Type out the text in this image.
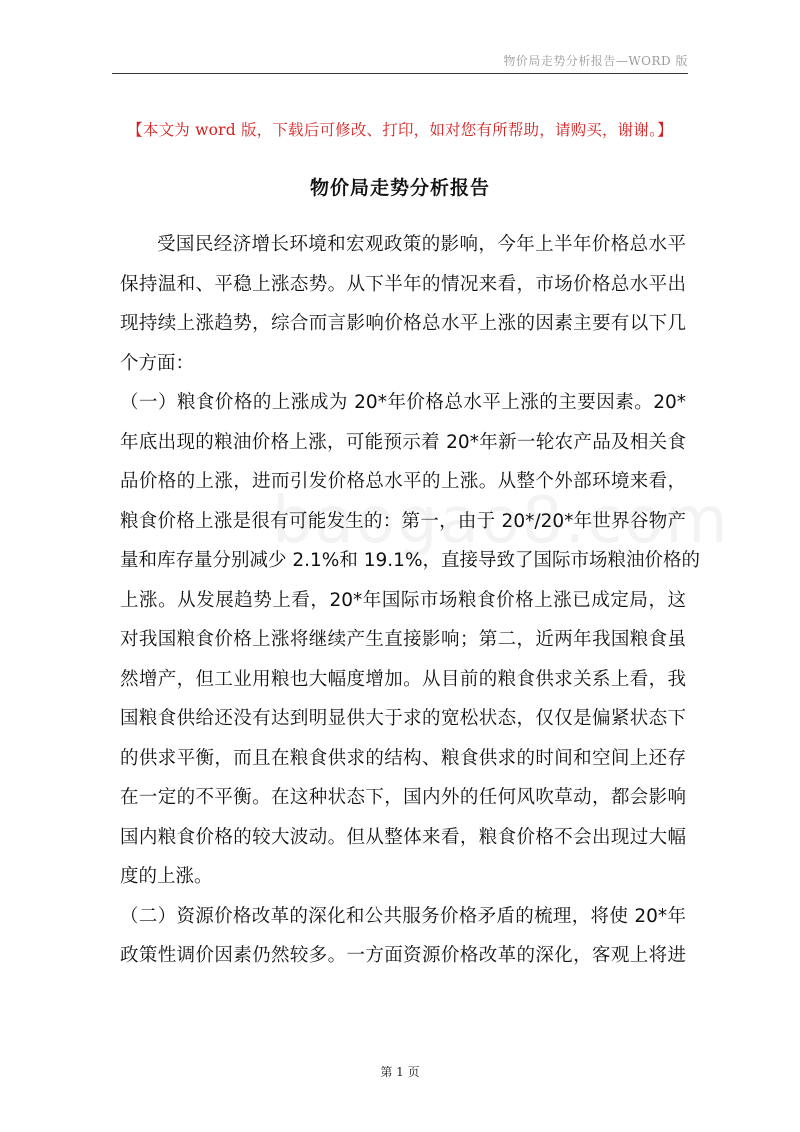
物价局走势分析报告—WORD 版
【本文为 word 版，下载后可修改、打印，如对您有所帮助，请购买，谢谢。】
物价局走势分析报告
受国民经济增长环境和宏观政策的影响，今年上半年价格总水平
保持温和、平稳上涨态势。从下半年的情况来看，市场价格总水平出
现持续上涨趋势，综合而言影响价格总水平上涨的因素主要有以下几
个方面：
（一）粮食价格的上涨成为 20*年价格总水平上涨的主要因素。20*
年底出现的粮油价格上涨，可能预示着 20*年新一轮农产品及相关食
品价格的上涨，进而引发价格总水平的上涨。从整个外部环境来看，
粮食价格上涨是很有可能发生的：第一，由于 20*/20*年世界谷物产
量和库存量分别减少 2.1%和 19.1%，直接导致了国际市场粮油价格的
上涨。从发展趋势上看，20*年国际市场粮食价格上涨已成定局，这
对我国粮食价格上涨将继续产生直接影响；第二，近两年我国粮食虽
然增产，但工业用粮也大幅度增加。从目前的粮食供求关系上看，我
国粮食供给还没有达到明显供大于求的宽松状态，仅仅是偏紧状态下
的供求平衡，而且在粮食供求的结构、粮食供求的时间和空间上还存
在一定的不平衡。在这种状态下，国内外的任何风吹草动，都会影响
国内粮食价格的较大波动。但从整体来看，粮食价格不会出现过大幅
度的上涨。
（二）资源价格改革的深化和公共服务价格矛盾的梳理，将使 20*年
政策性调价因素仍然较多。一方面资源价格改革的深化，客观上将进
第 1 页
